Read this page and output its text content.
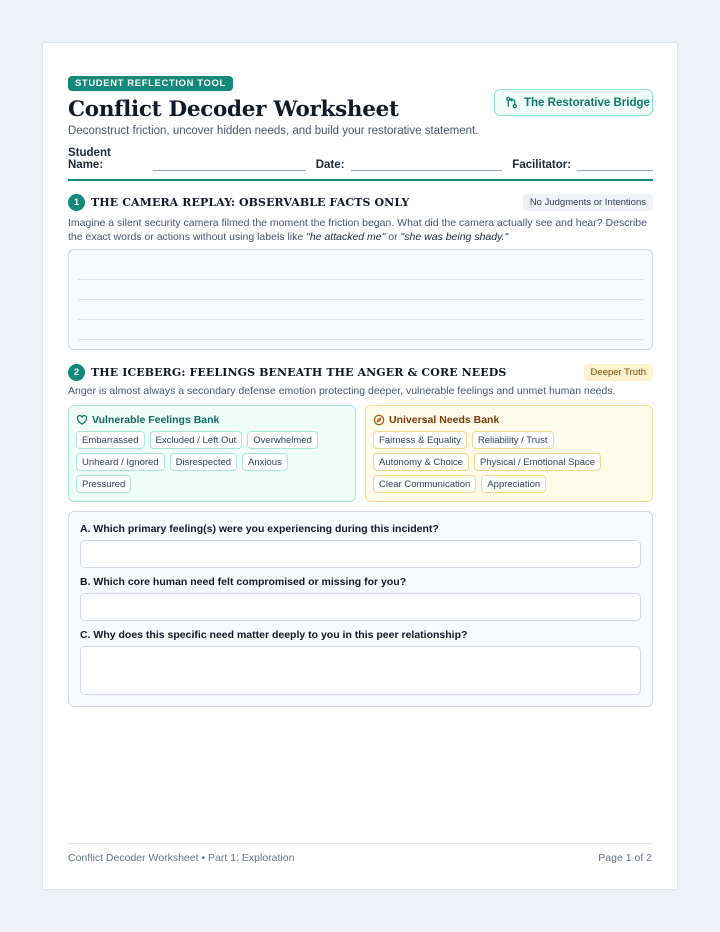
The Restorative Bridge
STUDENT REFLECTION TOOL
Conflict Decoder Worksheet
Deconstruct friction, uncover hidden needs, and build your restorative statement.
Student Name:	Date:	Facilitator:
1	THE CAMERA REPLAY: OBSERVABLE FACTS ONLY	No Judgments or Intentions
Imagine a silent security camera filmed the moment the friction began. What did the camera actually see and hear? Describe the exact words or actions without using labels like "he attacked me" or "she was being shady."
2	THE ICEBERG: FEELINGS BENEATH THE ANGER & CORE NEEDS	Deeper Truth
Anger is almost always a secondary defense emotion protecting deeper, vulnerable feelings and unmet human needs.
Vulnerable Feelings Bank
Embarrassed	Excluded / Left Out	Overwhelmed
Unheard / Ignored	Disrespected	Anxious
Pressured
Universal Needs Bank
Fairness & Equality	Reliability / Trust
Autonomy & Choice	Physical / Emotional Space
Clear Communication	Appreciation
A. Which primary feeling(s) were you experiencing during this incident?
B. Which core human need felt compromised or missing for you?
C. Why does this specific need matter deeply to you in this peer relationship?
Conflict Decoder Worksheet • Part 1: Exploration	Page 1 of 2
